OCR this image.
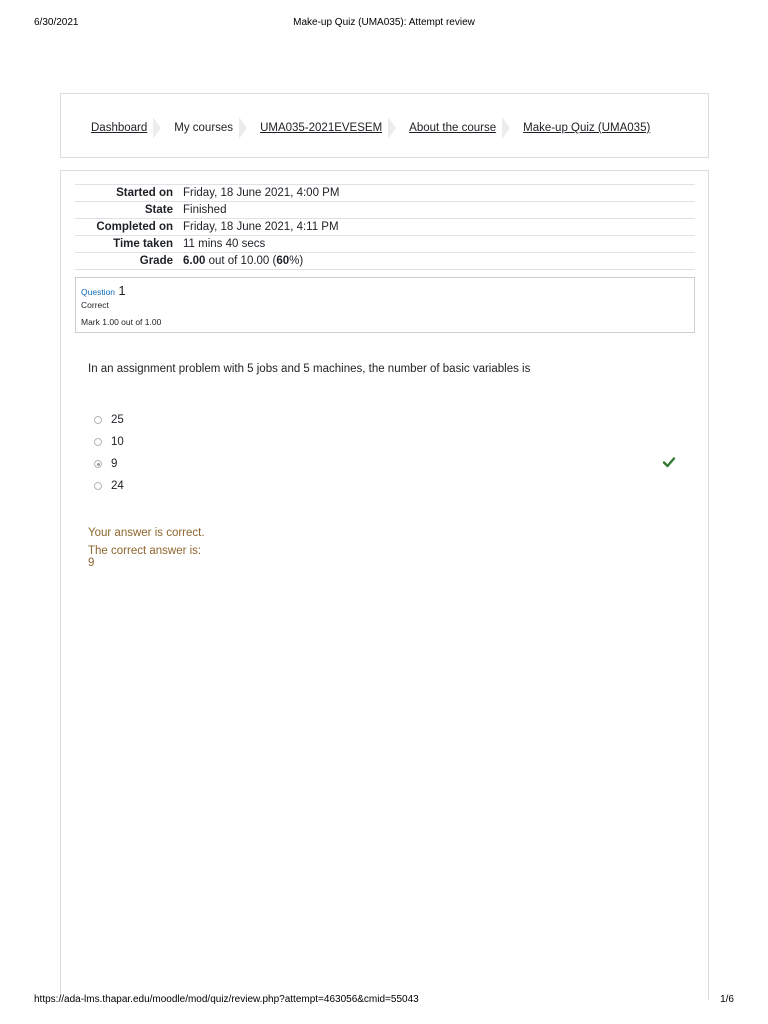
6/30/2021	Make-up Quiz (UMA035): Attempt review
Dashboard My courses UMA035-2021EVESEM About the course Make-up Quiz (UMA035)
Started on	Friday, 18 June 2021, 4:00 PM
State	Finished
Completed on	Friday, 18 June 2021, 4:11 PM
Time taken	11 mins 40 secs
Grade	6.00 out of 10.00 (60%)
Question 1
Correct
Mark 1.00 out of 1.00
In an assignment problem with 5 jobs and 5 machines, the number of basic variables is
25
10
9
24
Your answer is correct.
The correct answer is:
9
https://ada-lms.thapar.edu/moodle/mod/quiz/review.php?attempt=463056&cmid=55043	1/6
